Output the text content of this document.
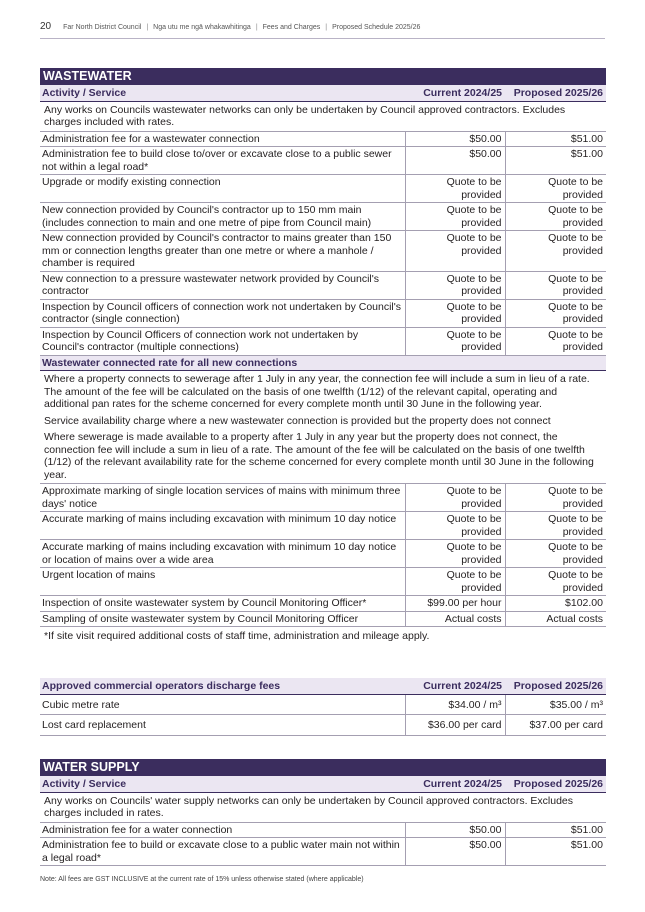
20 Far North District Council | Nga utu me ngā whakawhitinga | Fees and Charges | Proposed Schedule 2025/26
WASTEWATER
Activity / Service	Current 2024/25	Proposed 2025/26
Any works on Councils wastewater networks can only be undertaken by Council approved contractors. Excludes charges included with rates.		
Administration fee for a wastewater connection	$50.00	$51.00
Administration fee to build close to/over or excavate close to a public sewer not within a legal road*	$50.00	$51.00
Upgrade or modify existing connection	Quote to be provided	Quote to be provided
New connection provided by Council's contractor up to 150 mm main (includes connection to main and one metre of pipe from Council main)	Quote to be provided	Quote to be provided
New connection provided by Council's contractor to mains greater than 150 mm or connection lengths greater than one metre or where a manhole / chamber is required	Quote to be provided	Quote to be provided
New connection to a pressure wastewater network provided by Council's contractor	Quote to be provided	Quote to be provided
Inspection by Council officers of connection work not undertaken by Council's contractor (single connection)	Quote to be provided	Quote to be provided
Inspection by Council Officers of connection work not undertaken by Council's contractor (multiple connections)	Quote to be provided	Quote to be provided
Wastewater connected rate for all new connections		
Where a property connects to sewerage after 1 July in any year, the connection fee will include a sum in lieu of a rate. The amount of the fee will be calculated on the basis of one twelfth (1/12) of the relevant capital, operating and additional pan rates for the scheme concerned for every complete month until 30 June in the following year.		
Service availability charge where a new wastewater connection is provided but the property does not connect		
Where sewerage is made available to a property after 1 July in any year but the property does not connect, the connection fee will include a sum in lieu of a rate. The amount of the fee will be calculated on the basis of one twelfth (1/12) of the relevant availability rate for the scheme concerned for every complete month until 30 June in the following year.		
Approximate marking of single location services of mains with minimum three days' notice	Quote to be provided	Quote to be provided
Accurate marking of mains including excavation with minimum 10 day notice	Quote to be provided	Quote to be provided
Accurate marking of mains including excavation with minimum 10 day notice or location of mains over a wide area	Quote to be provided	Quote to be provided
Urgent location of mains	Quote to be provided	Quote to be provided
Inspection of onsite wastewater system by Council Monitoring Officer*	$99.00 per hour	$102.00
Sampling of onsite wastewater system by Council Monitoring Officer	Actual costs	Actual costs
*If site visit required additional costs of staff time, administration and mileage apply.		
Approved commercial operators discharge fees	Current 2024/25	Proposed 2025/26
Cubic metre rate	$34.00 / m³	$35.00 / m³
Lost card replacement	$36.00 per card	$37.00 per card
WATER SUPPLY
Activity / Service	Current 2024/25	Proposed 2025/26
Any works on Councils' water supply networks can only be undertaken by Council approved contractors. Excludes charges included in rates.		
Administration fee for a water connection	$50.00	$51.00
Administration fee to build or excavate close to a public water main not within a legal road*	$50.00	$51.00
Note: All fees are GST INCLUSIVE at the current rate of 15% unless otherwise stated (where applicable)
